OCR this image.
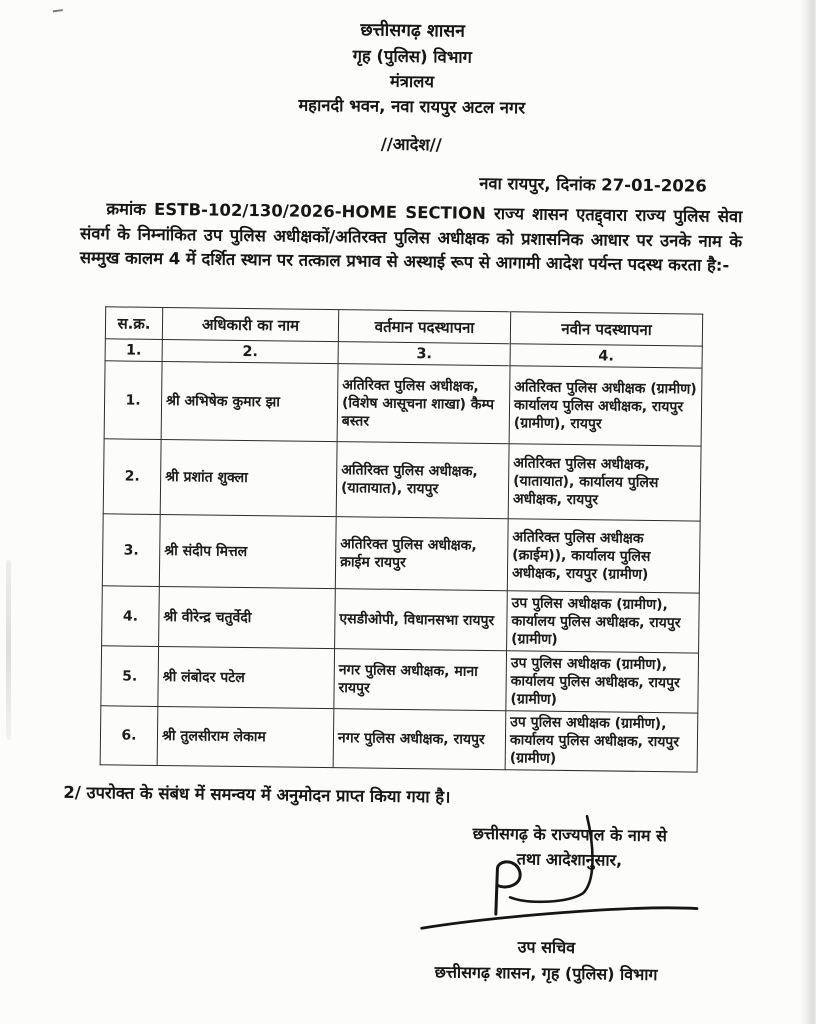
छत्तीसगढ़ शासन
गृह (पुलिस) विभाग
मंत्रालय
महानदी भवन, नवा रायपुर अटल नगर
//आदेश//
नवा रायपुर, दिनांक 27-01-2026
क्रमांक ESTB-102/130/2026-HOME SECTION राज्य शासन एतद्द्वारा राज्य पुलिस सेवा संवर्ग के निम्नांकित उप पुलिस अधीक्षकों/अतिरक्त पुलिस अधीक्षक को प्रशासनिक आधार पर उनके नाम के सम्मुख कालम 4 में दर्शित स्थान पर तत्काल प्रभाव से अस्थाई रूप से आगामी आदेश पर्यन्त पदस्थ करता है:-
स.क्र.	अधिकारी का नाम	वर्तमान पदस्थापना	नवीन पदस्थापना
1.	2.	3.	4.
1.	श्री अभिषेक कुमार झा	अतिरिक्त पुलिस अधीक्षक, (विशेष आसूचना शाखा) कैम्प बस्तर	अतिरिक्त पुलिस अधीक्षक (ग्रामीण) कार्यालय पुलिस अधीक्षक, रायपुर (ग्रामीण), रायपुर
2.	श्री प्रशांत शुक्ला	अतिरिक्त पुलिस अधीक्षक, (यातायात), रायपुर	अतिरिक्त पुलिस अधीक्षक, (यातायात), कार्यालय पुलिस अधीक्षक, रायपुर
3.	श्री संदीप मित्तल	अतिरिक्त पुलिस अधीक्षक, क्राईम रायपुर	अतिरिक्त पुलिस अधीक्षक (क्राईम)), कार्यालय पुलिस अधीक्षक, रायपुर (ग्रामीण)
4.	श्री वीरेन्द्र चतुर्वेदी	एसडीओपी, विधानसभा रायपुर	उप पुलिस अधीक्षक (ग्रामीण), कार्यालय पुलिस अधीक्षक, रायपुर (ग्रामीण)
5.	श्री लंबोदर पटेल	नगर पुलिस अधीक्षक, माना रायपुर	उप पुलिस अधीक्षक (ग्रामीण), कार्यालय पुलिस अधीक्षक, रायपुर (ग्रामीण)
6.	श्री तुलसीराम लेकाम	नगर पुलिस अधीक्षक, रायपुर	उप पुलिस अधीक्षक (ग्रामीण), कार्यालय पुलिस अधीक्षक, रायपुर (ग्रामीण)
2/ उपरोक्त के संबंध में समन्वय में अनुमोदन प्राप्त किया गया है।
छत्तीसगढ़ के राज्यपाल के नाम से
तथा आदेशानुसार,
उप सचिव
छत्तीसगढ़ शासन, गृह (पुलिस) विभाग
